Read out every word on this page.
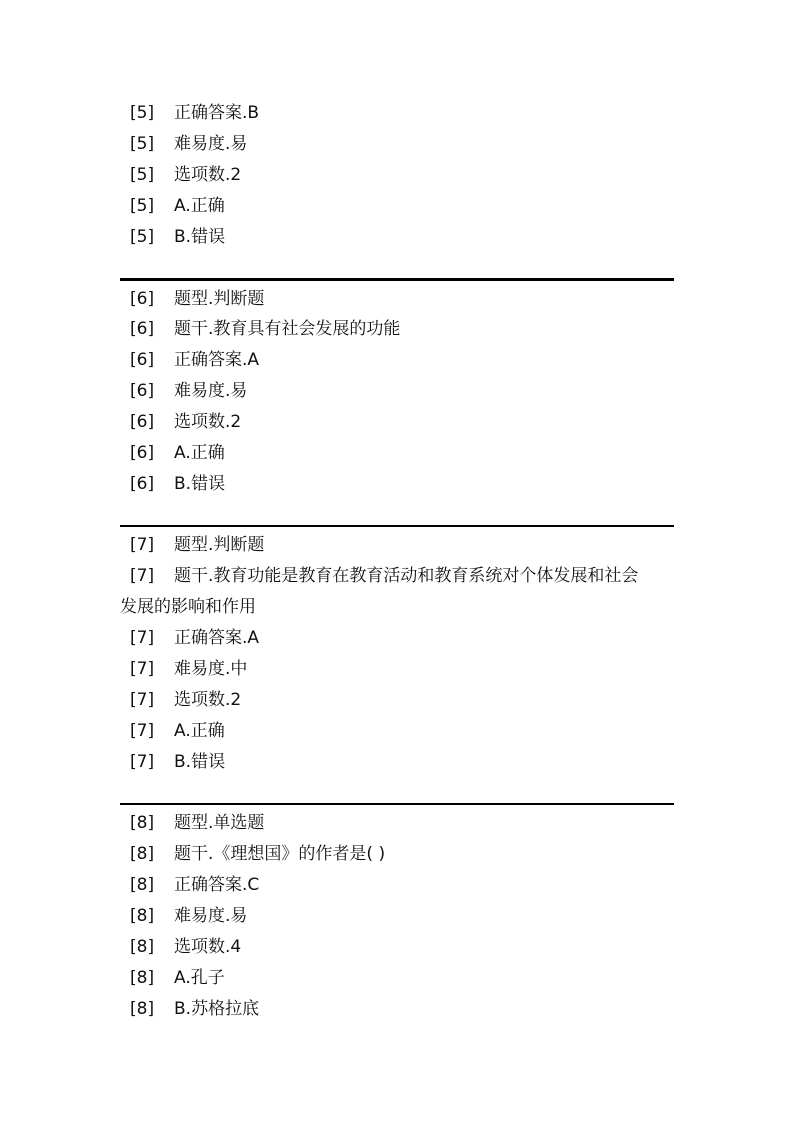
[5] 正确答案.B
[5] 难易度.易
[5] 选项数.2
[5] A.正确
[5] B.错误
[6] 题型.判断题
[6] 题干.教育具有社会发展的功能
[6] 正确答案.A
[6] 难易度.易
[6] 选项数.2
[6] A.正确
[6] B.错误
[7] 题型.判断题
[7] 题干.教育功能是教育在教育活动和教育系统对个体发展和社会
发展的影响和作用
[7] 正确答案.A
[7] 难易度.中
[7] 选项数.2
[7] A.正确
[7] B.错误
[8] 题型.单选题
[8] 题干.《理想国》的作者是( )
[8] 正确答案.C
[8] 难易度.易
[8] 选项数.4
[8] A.孔子
[8] B.苏格拉底
